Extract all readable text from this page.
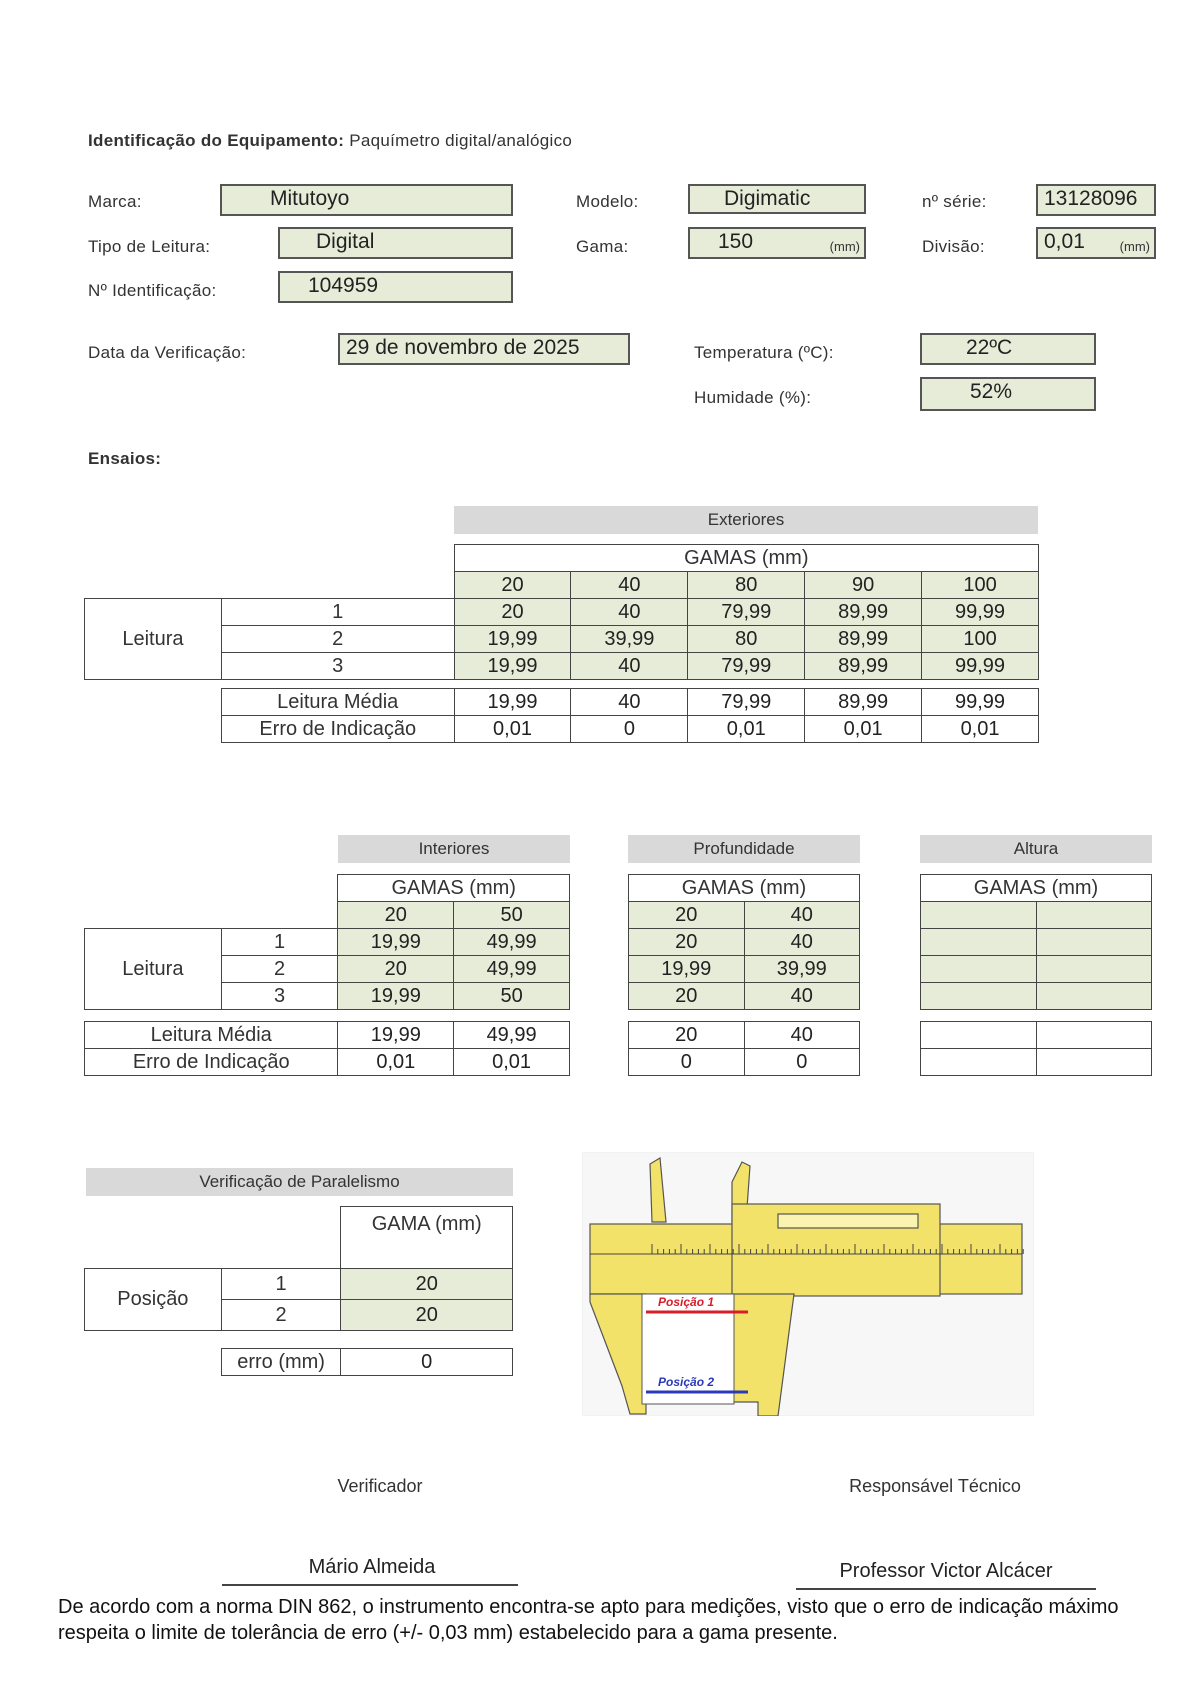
Identificação do Equipamento: Paquímetro digital/analógico
Marca:	Mitutoyo	Modelo:	Digimatic	nº série:	13128096
Tipo de Leitura:	Digital	Gama:	150	(mm)	Divisão:	0,01	(mm)
Nº Identificação:	104959
Data da Verificação:	29 de novembro de 2025	Temperatura (ºC):	22ºC
Humidade (%):	52%
Ensaios:
Exteriores
		GAMAS (mm)				
		20	40	80	90	100
Leitura	1	20	40	79,99	89,99	99,99
	2	19,99	39,99	80	89,99	100
	3	19,99	40	79,99	89,99	99,99

	Leitura Média	19,99	40	79,99	89,99	99,99
	Erro de Indicação	0,01	0	0,01	0,01	0,01
Interiores
		GAMAS (mm)	
		20	50
Leitura	1	19,99	49,99
	2	20	49,99
	3	19,99	50

Leitura Média		19,99	49,99
Erro de Indicação		0,01	0,01
Profundidade
GAMAS (mm)	
20	40
20	40
19,99	39,99
20	40

20	40
0	0
Altura
GAMAS (mm)	

Verificação de Paralelismo
		GAMA (mm)
Posição	1	20
	2	20

	erro (mm)	0
Posição 1
Posição 2
Verificador	Responsável Técnico
Mário Almeida	Professor Victor Alcácer
De acordo com a norma DIN 862, o instrumento encontra-se apto para medições, visto que o erro de indicação máximo respeita o limite de tolerância de erro (+/- 0,03 mm) estabelecido para a gama presente.
